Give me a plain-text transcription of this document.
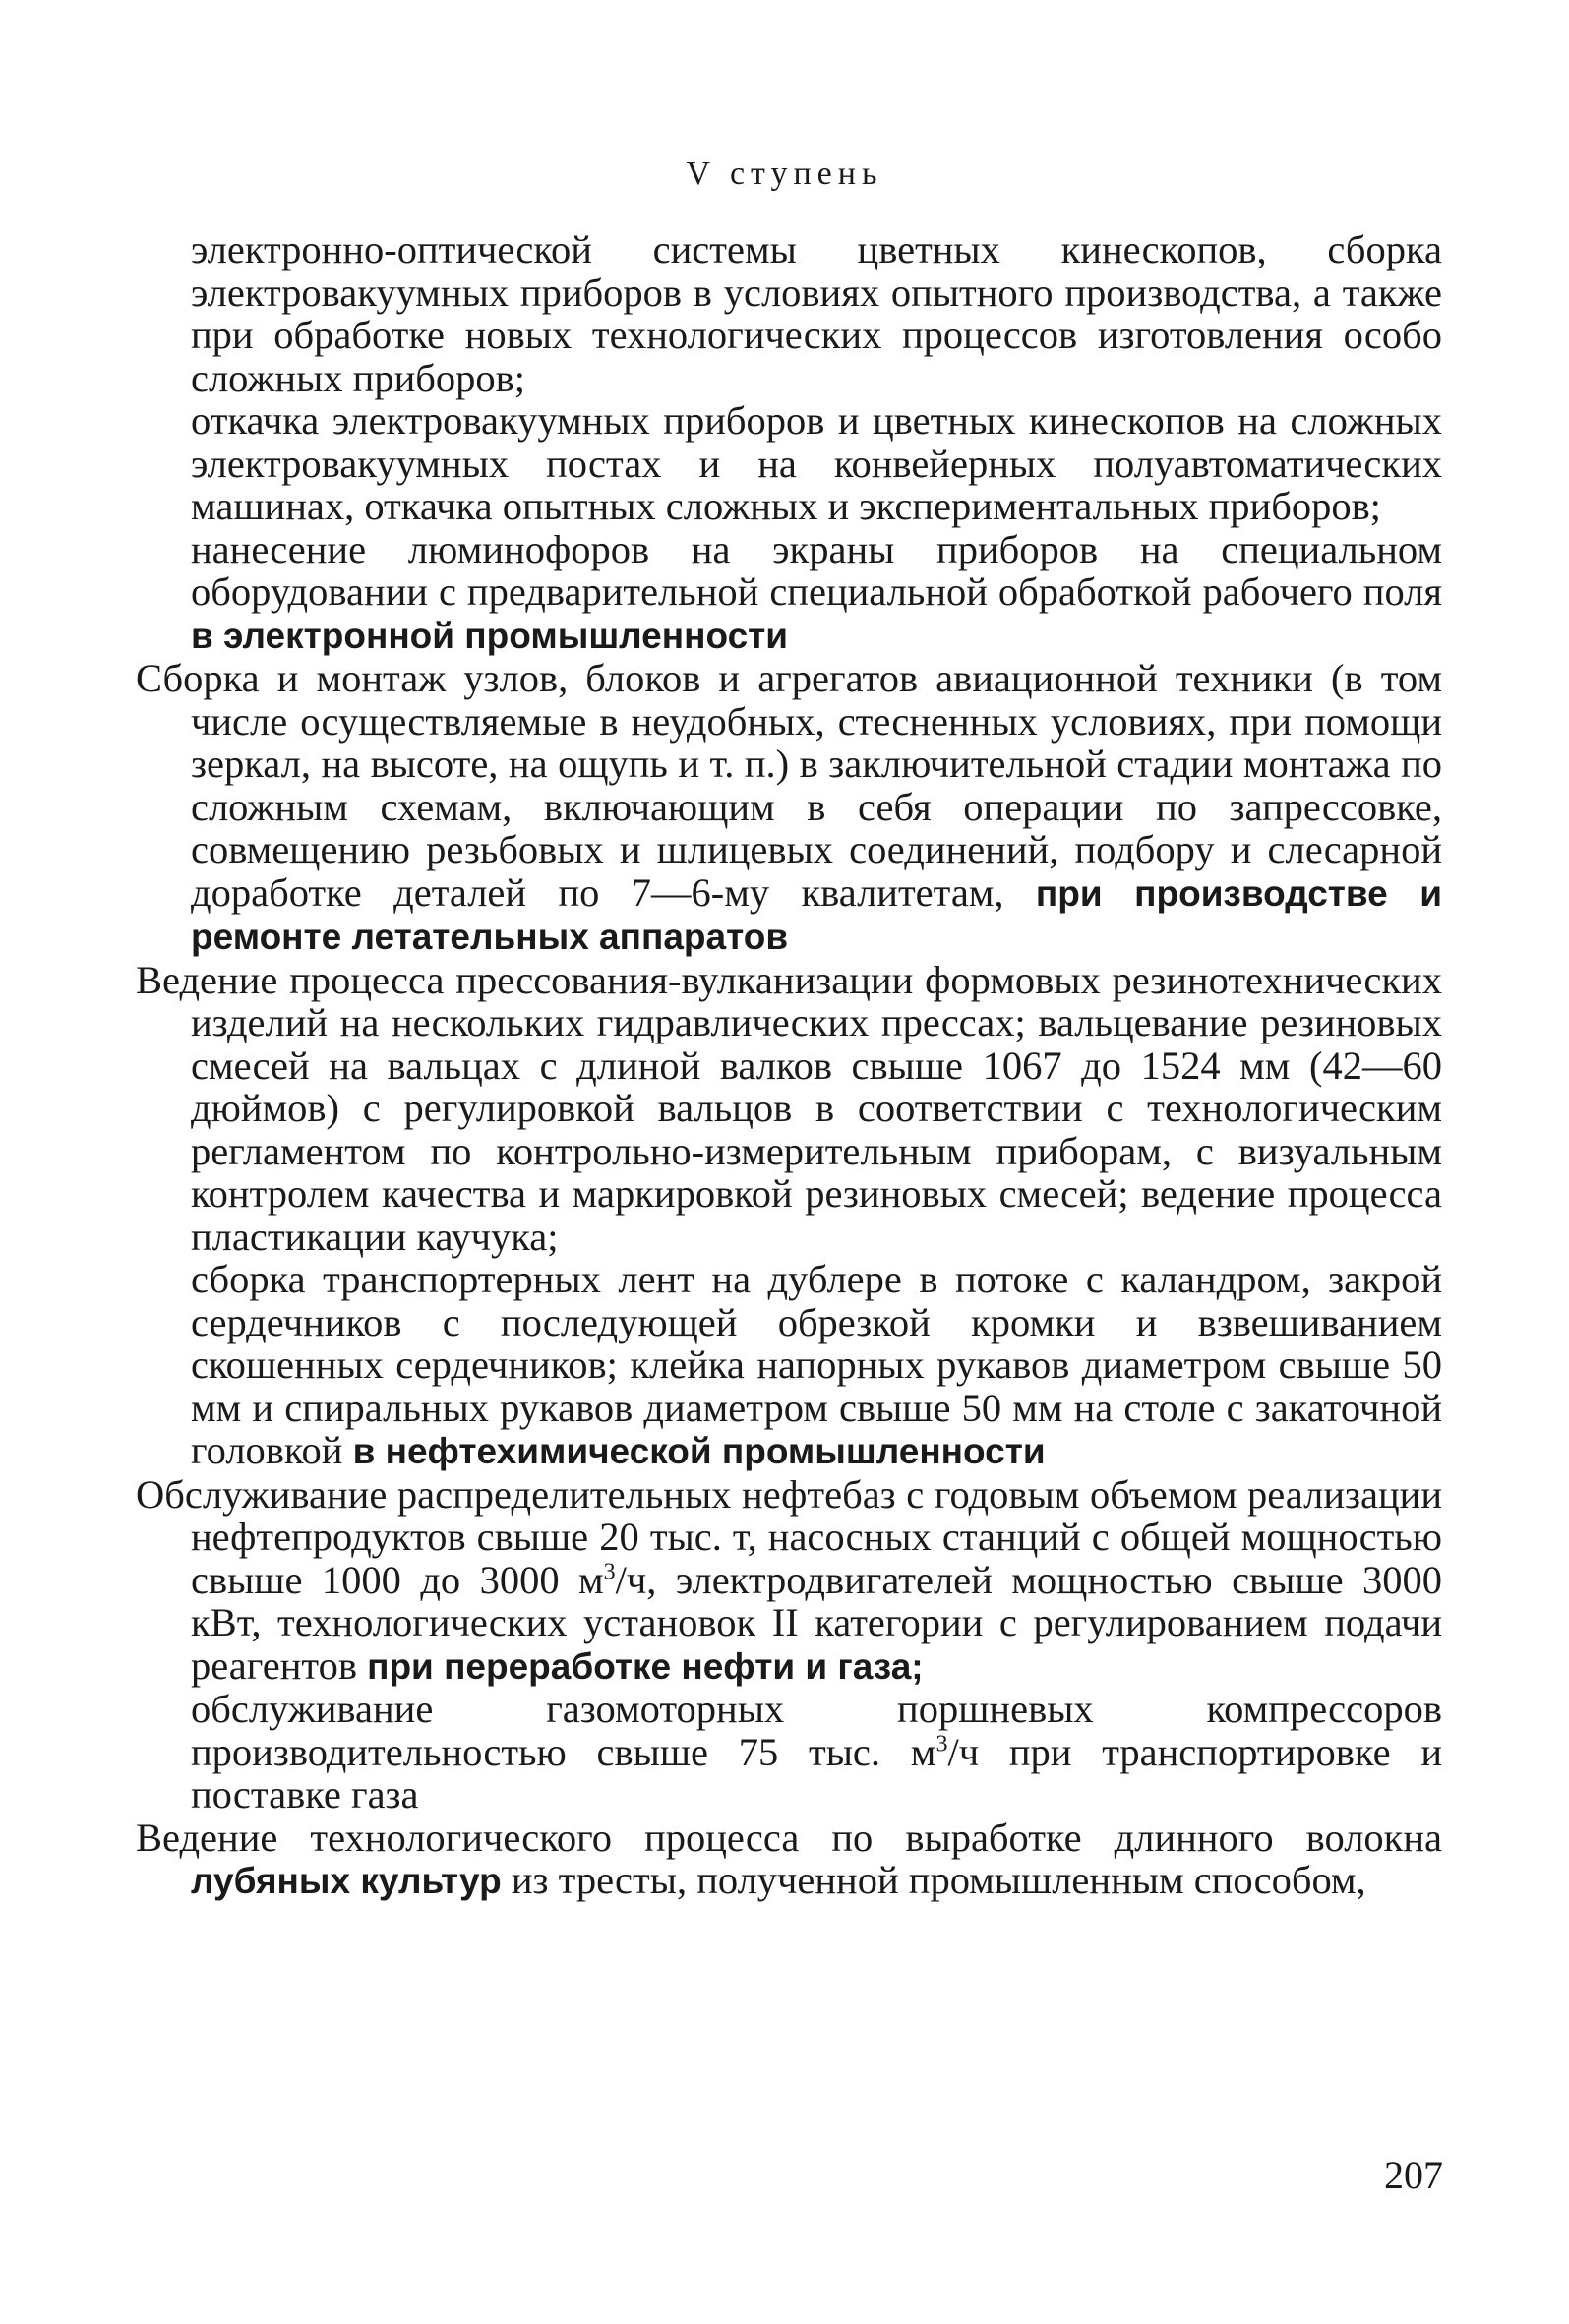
V ступень

электронно-оптической системы цветных кинескопов, сборка электровакуумных приборов в условиях опытного производства, а также при обработке новых технологических процессов изготовления особо сложных приборов;

откачка электровакуумных приборов и цветных кинескопов на сложных электровакуумных постах и на конвейерных полуавтоматических машинах, откачка опытных сложных и экспериментальных приборов;

нанесение люминофоров на экраны приборов на специальном оборудовании с предварительной специальной обработкой рабочего поля в электронной промышленности

Сборка и монтаж узлов, блоков и агрегатов авиационной техники (в том числе осуществляемые в неудобных, стесненных условиях, при помощи зеркал, на высоте, на ощупь и т. п.) в заключительной стадии монтажа по сложным схемам, включающим в себя операции по запрессовке, совмещению резьбовых и шлицевых соединений, подбору и слесарной доработке деталей по 7—6-му квалитетам, при производстве и ремонте летательных аппаратов

Ведение процесса прессования-вулканизации формовых резинотехнических изделий на нескольких гидравлических прессах; вальцевание резиновых смесей на вальцах с длиной валков свыше 1067 до 1524 мм (42—60 дюймов) с регулировкой вальцов в соответствии с технологическим регламентом по контрольно-измерительным приборам, с визуальным контролем качества и маркировкой резиновых смесей; ведение процесса пластикации каучука;

сборка транспортерных лент на дублере в потоке с каландром, закрой сердечников с последующей обрезкой кромки и взвешиванием скошенных сердечников; клейка напорных рукавов диаметром свыше 50 мм и спиральных рукавов диаметром свыше 50 мм на столе с закаточной головкой в нефтехимической промышленности

Обслуживание распределительных нефтебаз с годовым объемом реализации нефтепродуктов свыше 20 тыс. т, насосных станций с общей мощностью свыше 1000 до 3000 $м^3/ч$, электродвигателей мощностью свыше 3000 кВт, технологических установок II категории с регулированием подачи реагентов при переработке нефти и газа;

обслуживание газомоторных поршневых компрессоров производительностью свыше 75 тыс. $м^3/ч$ при транспортировке и поставке газа

Ведение технологического процесса по выработке длинного волокна лубяных культур из тресты, полученной промышленным способом,

207
